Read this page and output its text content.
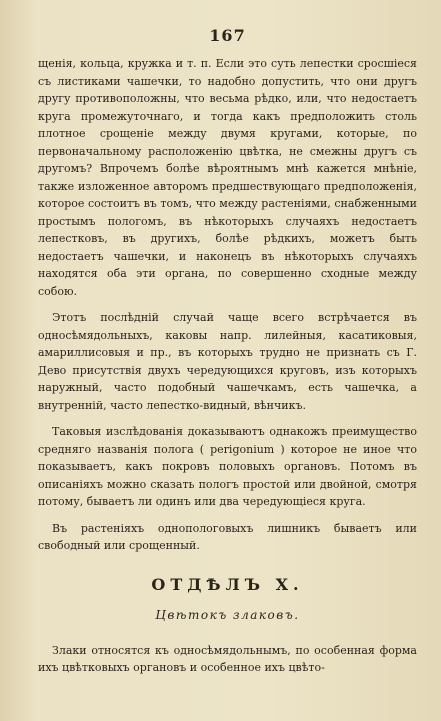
167

щенія, кольца, кружка и т. п. Если это суть лепестки сросшіеся съ листиками чашечки, то надобно допустить, что они другъ другу противоположны, что весьма рѣдко, или, что недостаетъ круга промежуточнаго, и тогда какъ предположить столь плотное срощеніе между двумя кругами, которые, по первоначальному расположенію цвѣтка, не смежны другъ съ другомъ? Впрочемъ болѣе вѣроятнымъ мнѣ кажется мнѣніе, также изложенное авторомъ предшествующаго предположенія, которое состоитъ въ томъ, что между растеніями, снабженными простымъ пологомъ, въ нѣкоторыхъ случаяхъ недостаетъ лепестковъ, въ другихъ, болѣе рѣдкихъ, можетъ быть недостаетъ чашечки, и наконецъ въ нѣкоторыхъ случаяхъ находятся оба эти органа, по совершенно сходные между собою.

Этотъ послѣдній случай чаще всего встрѣчается въ односѣмядольныхъ, каковы напр. лилейныя, касатиковыя, амариллисовыя и пр., въ которыхъ трудно не признать съ Г. Дево присутствія двухъ чередующихся круговъ, изъ которыхъ наружный, часто подобный чашечкамъ, есть чашечка, а внутренній, часто лепестко-видный, вѣнчикъ.

Таковыя изслѣдованія доказываютъ однакожъ преимущество средняго названія полога ( perigonium ) которое не иное что показываетъ, какъ покровъ половыхъ органовъ. Потомъ въ описаніяхъ можно сказать пологъ простой или двойной, смотря потому, бываетъ ли одинъ или два чередующіеся круга.

Въ растеніяхъ однопологовыхъ лишникъ бываетъ или свободный или срощенный.

ОТДѢЛЪ X.
Цвѣтокъ злаковъ.

Злаки относятся къ односѣмядольнымъ, по особенная форма ихъ цвѣтковыхъ органовъ и особенное ихъ цвѣто-
